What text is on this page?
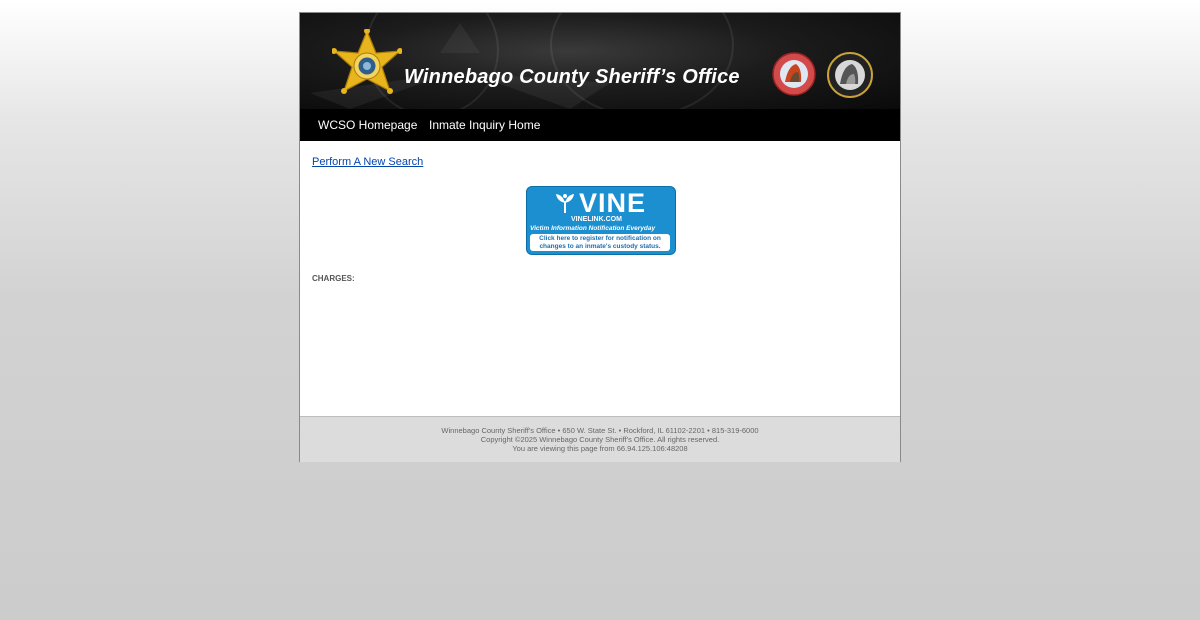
Winnebago County Sheriff’s Office
WCSO Homepage Inmate Inquiry Home
Perform A New Search
VINE
VINELINK.COM
Victim Information Notification Everyday
Click here to register for notification on
changes to an inmate's custody status.
CHARGES:
Winnebago County Sheriff's Office • 650 W. State St. • Rockford, IL 61102-2201 • 815-319-6000
Copyright ©2025 Winnebago County Sheriff's Office. All rights reserved.
You are viewing this page from 66.94.125.106:48208
